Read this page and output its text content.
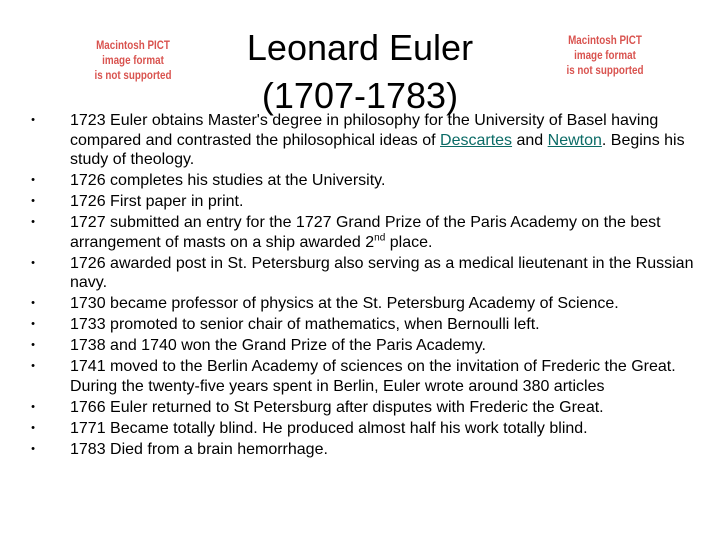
Macintosh PICT
image format
is not supported
Leonard Euler
(1707-1783)
Macintosh PICT
image format
is not supported
• 1723 Euler obtains Master's degree in philosophy for the University of Basel having compared and contrasted the philosophical ideas of Descartes and Newton. Begins his study of theology.
• 1726 completes his studies at the University.
• 1726 First paper in print.
• 1727 submitted an entry for the 1727 Grand Prize of the Paris Academy on the best arrangement of masts on a ship awarded 2nd place.
• 1726 awarded post in St. Petersburg also serving as a medical lieutenant in the Russian navy.
• 1730 became professor of physics at the St. Petersburg Academy of Science.
• 1733 promoted to senior chair of mathematics, when Bernoulli left.
• 1738 and 1740 won the Grand Prize of the Paris Academy.
• 1741 moved to the Berlin Academy of sciences on the invitation of Frederic the Great. During the twenty-five years spent in Berlin, Euler wrote around 380 articles
• 1766 Euler returned to St Petersburg after disputes with Frederic the Great.
• 1771 Became totally blind. He produced almost half his work totally blind.
• 1783 Died from a brain hemorrhage.
